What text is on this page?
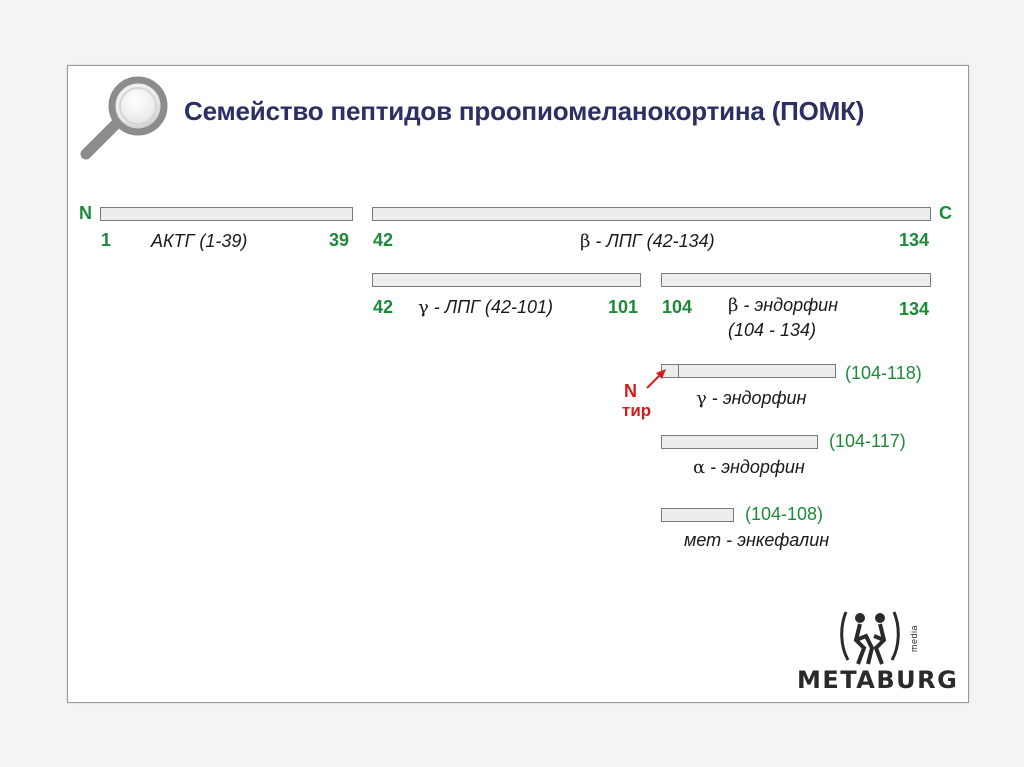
Семейство пептидов проопиомеланокортина (ПОМК)
N	C
1 АКТГ (1-39)	39 42	β - ЛПГ (42-134)	134
42 γ - ЛПГ (42-101)	101 104 β - эндорфин
(104 - 134)
134
(104-118)
γ - эндорфин
N
тир
(104-117)
α - эндорфин
(104-108)
мет - энкефалин
METABURG
media
